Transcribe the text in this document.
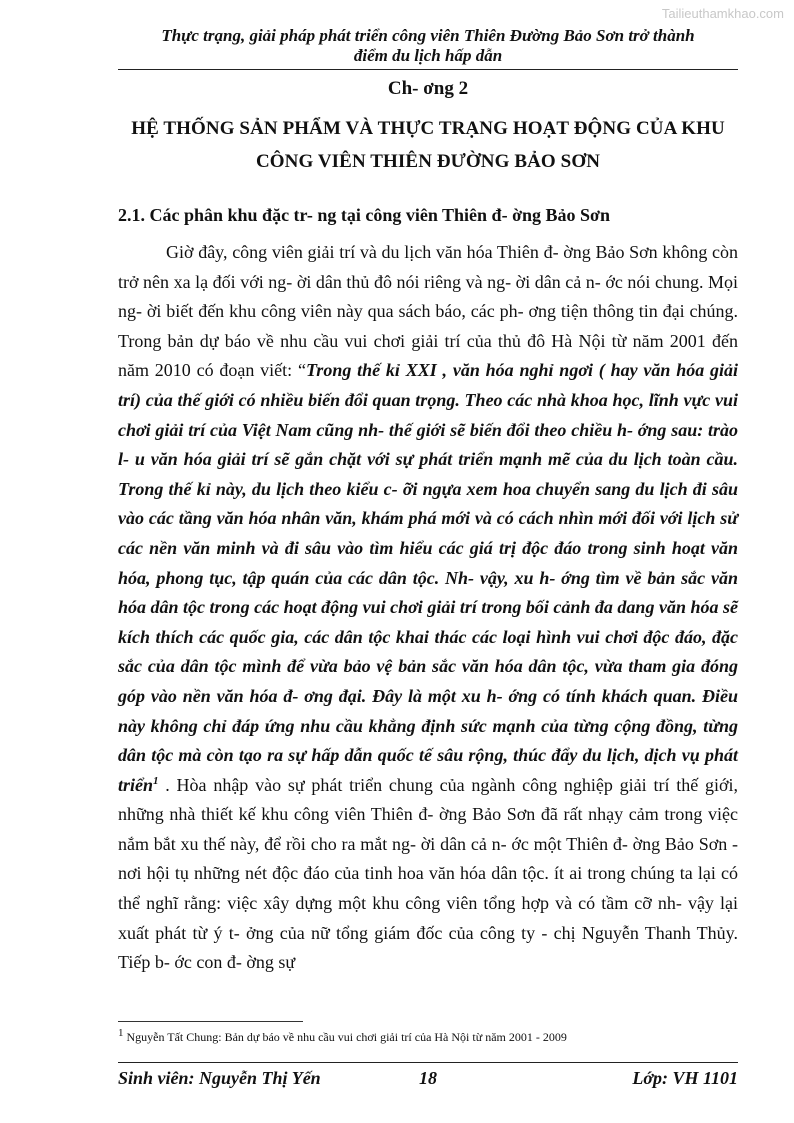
Tailieuthamkhao.com
Thực trạng, giải pháp phát triển công viên Thiên Đường Bảo Sơn trở thành
điểm du lịch hấp dẫn
Ch- ơng 2
HỆ THỐNG SẢN PHẨM VÀ THỰC TRẠNG HOẠT ĐỘNG CỦA KHU
CÔNG VIÊN THIÊN ĐƯỜNG BẢO SƠN
2.1. Các phân khu đặc tr- ng tại công viên Thiên đ- ờng Bảo Sơn

Giờ đây, công viên giải trí và du lịch văn hóa Thiên đ- ờng Bảo Sơn không còn trở nên xa lạ đối với ng- ời dân thủ đô nói riêng và ng- ời dân cả n- ớc nói chung. Mọi ng- ời biết đến khu công viên này qua sách báo, các ph- ơng tiện thông tin đại chúng. Trong bản dự báo về nhu cầu vui chơi giải trí của thủ đô Hà Nội từ năm 2001 đến năm 2010 có đoạn viết: “Trong thế kỉ XXI , văn hóa nghỉ ngơi ( hay văn hóa giải trí) của thế giới có nhiều biến đổi quan trọng. Theo các nhà khoa học, lĩnh vực vui chơi giải trí của Việt Nam cũng nh- thế giới sẽ biến đổi theo chiều h- ớng sau: trào l- u văn hóa giải trí sẽ gắn chặt với sự phát triển mạnh mẽ của du lịch toàn cầu. Trong thế kỉ này, du lịch theo kiểu c- ỡi ngựa xem hoa chuyển sang du lịch đi sâu vào các tầng văn hóa nhân văn, khám phá mới và có cách nhìn mới đối với lịch sử các nền văn minh và đi sâu vào tìm hiểu các giá trị độc đáo trong sinh hoạt văn hóa, phong tục, tập quán của các dân tộc. Nh- vậy, xu h- ớng tìm về bản sắc văn hóa dân tộc trong các hoạt động vui chơi giải trí trong bối cảnh đa dang văn hóa sẽ kích thích các quốc gia, các dân tộc khai thác các loại hình vui chơi độc đáo, đặc sắc của dân tộc mình để vừa bảo vệ bản sắc văn hóa dân tộc, vừa tham gia đóng góp vào nền văn hóa đ- ơng đại. Đây là một xu h- ớng có tính khách quan. Điều này không chỉ đáp ứng nhu cầu khẳng định sức mạnh của từng cộng đồng, từng dân tộc mà còn tạo ra sự hấp dẫn quốc tế sâu rộng, thúc đẩy du lịch, dịch vụ phát triển$^1$ . Hòa nhập vào sự phát triển chung của ngành công nghiệp giải trí thế giới, những nhà thiết kế khu công viên Thiên đ- ờng Bảo Sơn đã rất nhạy cảm trong việc nắm bắt xu thế này, để rồi cho ra mắt ng- ời dân cả n- ớc một Thiên đ- ờng Bảo Sơn - nơi hội tụ những nét độc đáo của tinh hoa văn hóa dân tộc. ít ai trong chúng ta lại có thể nghĩ rằng: việc xây dựng một khu công viên tổng hợp và có tầm cỡ nh- vậy lại xuất phát từ ý t- ởng của nữ tổng giám đốc của công ty - chị Nguyễn Thanh Thủy. Tiếp b- ớc con đ- ờng sự

$^1$ Nguyễn Tất Chung: Bản dự báo về nhu cầu vui chơi giải trí của Hà Nội từ năm 2001 - 2009
Sinh viên: Nguyễn Thị Yến	18	Lớp: VH 1101
